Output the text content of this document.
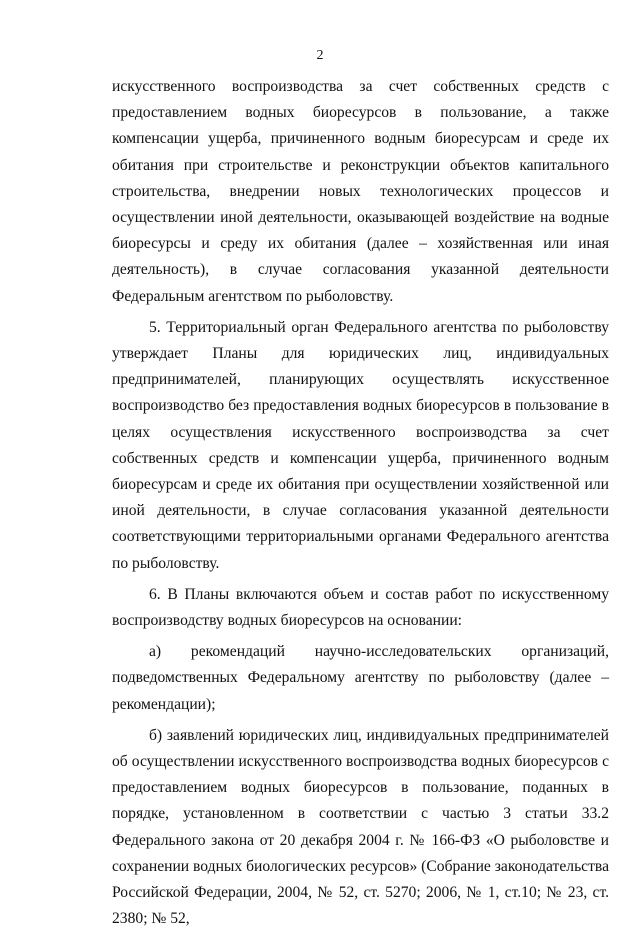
2

искусственного воспроизводства за счет собственных средств с предоставлением водных биоресурсов в пользование, а также компенсации ущерба, причиненного водным биоресурсам и среде их обитания при строительстве и реконструкции объектов капитального строительства, внедрении новых технологических процессов и осуществлении иной деятельности, оказывающей воздействие на водные биоресурсы и среду их обитания (далее – хозяйственная или иная деятельность), в случае согласования указанной деятельности Федеральным агентством по рыболовству.

5. Территориальный орган Федерального агентства по рыболовству утверждает Планы для юридических лиц, индивидуальных предпринимателей, планирующих осуществлять искусственное воспроизводство без предоставления водных биоресурсов в пользование в целях осуществления искусственного воспроизводства за счет собственных средств и компенсации ущерба, причиненного водным биоресурсам и среде их обитания при осуществлении хозяйственной или иной деятельности, в случае согласования указанной деятельности соответствующими территориальными органами Федерального агентства по рыболовству.

6. В Планы включаются объем и состав работ по искусственному воспроизводству водных биоресурсов на основании:

а) рекомендаций научно-исследовательских организаций, подведомственных Федеральному агентству по рыболовству (далее – рекомендации);

б) заявлений юридических лиц, индивидуальных предпринимателей об осуществлении искусственного воспроизводства водных биоресурсов с предоставлением водных биоресурсов в пользование, поданных в порядке, установленном в соответствии с частью 3 статьи 33.2 Федерального закона от 20 декабря 2004 г. № 166-ФЗ «О рыболовстве и сохранении водных биологических ресурсов» (Собрание законодательства Российской Федерации, 2004, № 52, ст. 5270; 2006, № 1, ст.10; № 23, ст. 2380; № 52,
